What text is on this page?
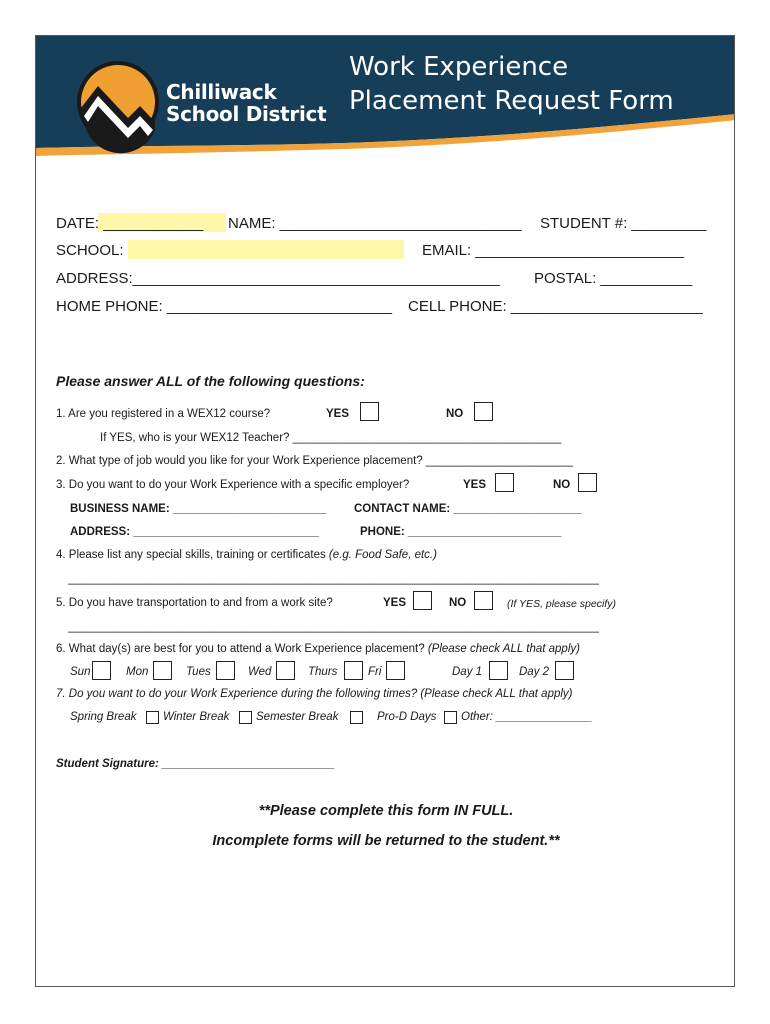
Chilliwack
School District
Work Experience
Placement Request Form
DATE: ____________ NAME: _____________________________ STUDENT #: _________
SCHOOL:	EMAIL: _________________________
ADDRESS:____________________________________________ POSTAL: ___________
HOME PHONE: ___________________________ CELL PHONE: _______________________
Please answer ALL of the following questions:
1. Are you registered in a WEX12 course?	YES	NO
If YES, who is your WEX12 Teacher? __________________________________________
2. What type of job would you like for your Work Experience placement? _______________________
3. Do you want to do your Work Experience with a specific employer?	YES	NO
BUSINESS NAME: ________________________ CONTACT NAME: ____________________
ADDRESS: _____________________________	PHONE: ________________________
4. Please list any special skills, training or certificates (e.g. Food Safe, etc.)
___________________________________________________________________________________
5. Do you have transportation to and from a work site?	YES	NO	(If YES, please specify)
___________________________________________________________________________________
6. What day(s) are best for you to attend a Work Experience placement? (Please check ALL that apply)
Sun	Mon	Tues	Wed	Thurs	Fri	Day 1	Day 2
7. Do you want to do your Work Experience during the following times? (Please check ALL that apply)
Spring Break Winter Break Semester Break	Pro-D Days Other: _______________
Student Signature: ___________________________
**Please complete this form IN FULL.
Incomplete forms will be returned to the student.**
